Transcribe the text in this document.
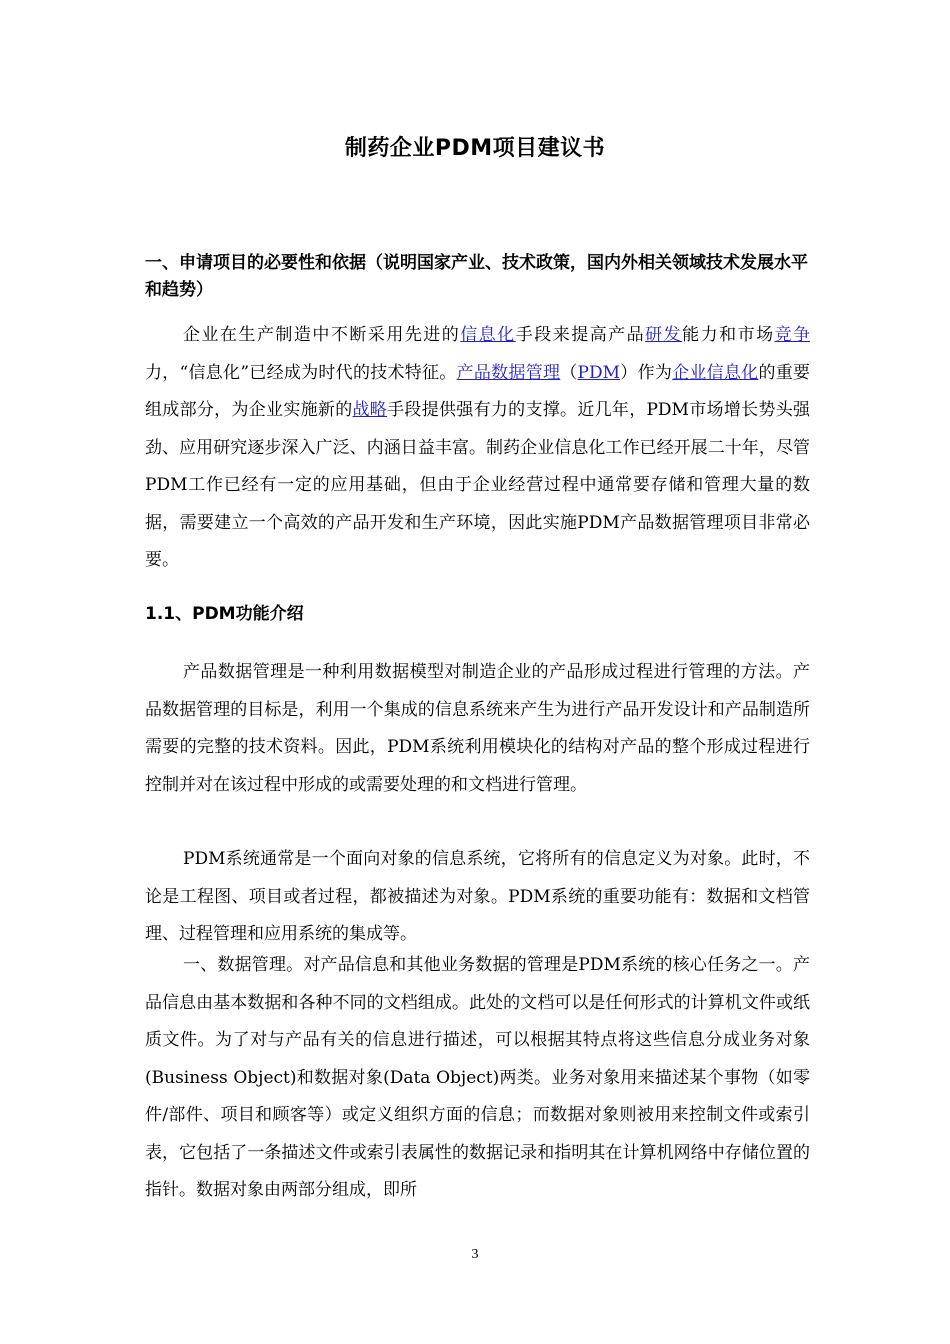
制药企业PDM项目建议书
一、申请项目的必要性和依据（说明国家产业、技术政策，国内外相关领域技术发展水平和趋势）

企业在生产制造中不断采用先进的信息化手段来提高产品研发能力和市场竞争力，“信息化”已经成为时代的技术特征。产品数据管理（PDM）作为企业信息化的重要组成部分，为企业实施新的战略手段提供强有力的支撑。近几年，PDM市场增长势头强劲、应用研究逐步深入广泛、内涵日益丰富。制药企业信息化工作已经开展二十年，尽管PDM工作已经有一定的应用基础，但由于企业经营过程中通常要存储和管理大量的数据，需要建立一个高效的产品开发和生产环境，因此实施PDM产品数据管理项目非常必要。

1.1、PDM功能介绍

产品数据管理是一种利用数据模型对制造企业的产品形成过程进行管理的方法。产品数据管理的目标是，利用一个集成的信息系统来产生为进行产品开发设计和产品制造所需要的完整的技术资料。因此，PDM系统利用模块化的结构对产品的整个形成过程进行控制并对在该过程中形成的或需要处理的和文档进行管理。

PDM系统通常是一个面向对象的信息系统，它将所有的信息定义为对象。此时，不论是工程图、项目或者过程，都被描述为对象。PDM系统的重要功能有：数据和文档管理、过程管理和应用系统的集成等。

一、数据管理。对产品信息和其他业务数据的管理是PDM系统的核心任务之一。产品信息由基本数据和各种不同的文档组成。此处的文档可以是任何形式的计算机文件或纸质文件。为了对与产品有关的信息进行描述，可以根据其特点将这些信息分成业务对象(Business Object)和数据对象(Data Object)两类。业务对象用来描述某个事物（如零件/部件、项目和顾客等）或定义组织方面的信息；而数据对象则被用来控制文件或索引表，它包括了一条描述文件或索引表属性的数据记录和指明其在计算机网络中存储位置的指针。数据对象由两部分组成，即所

3
